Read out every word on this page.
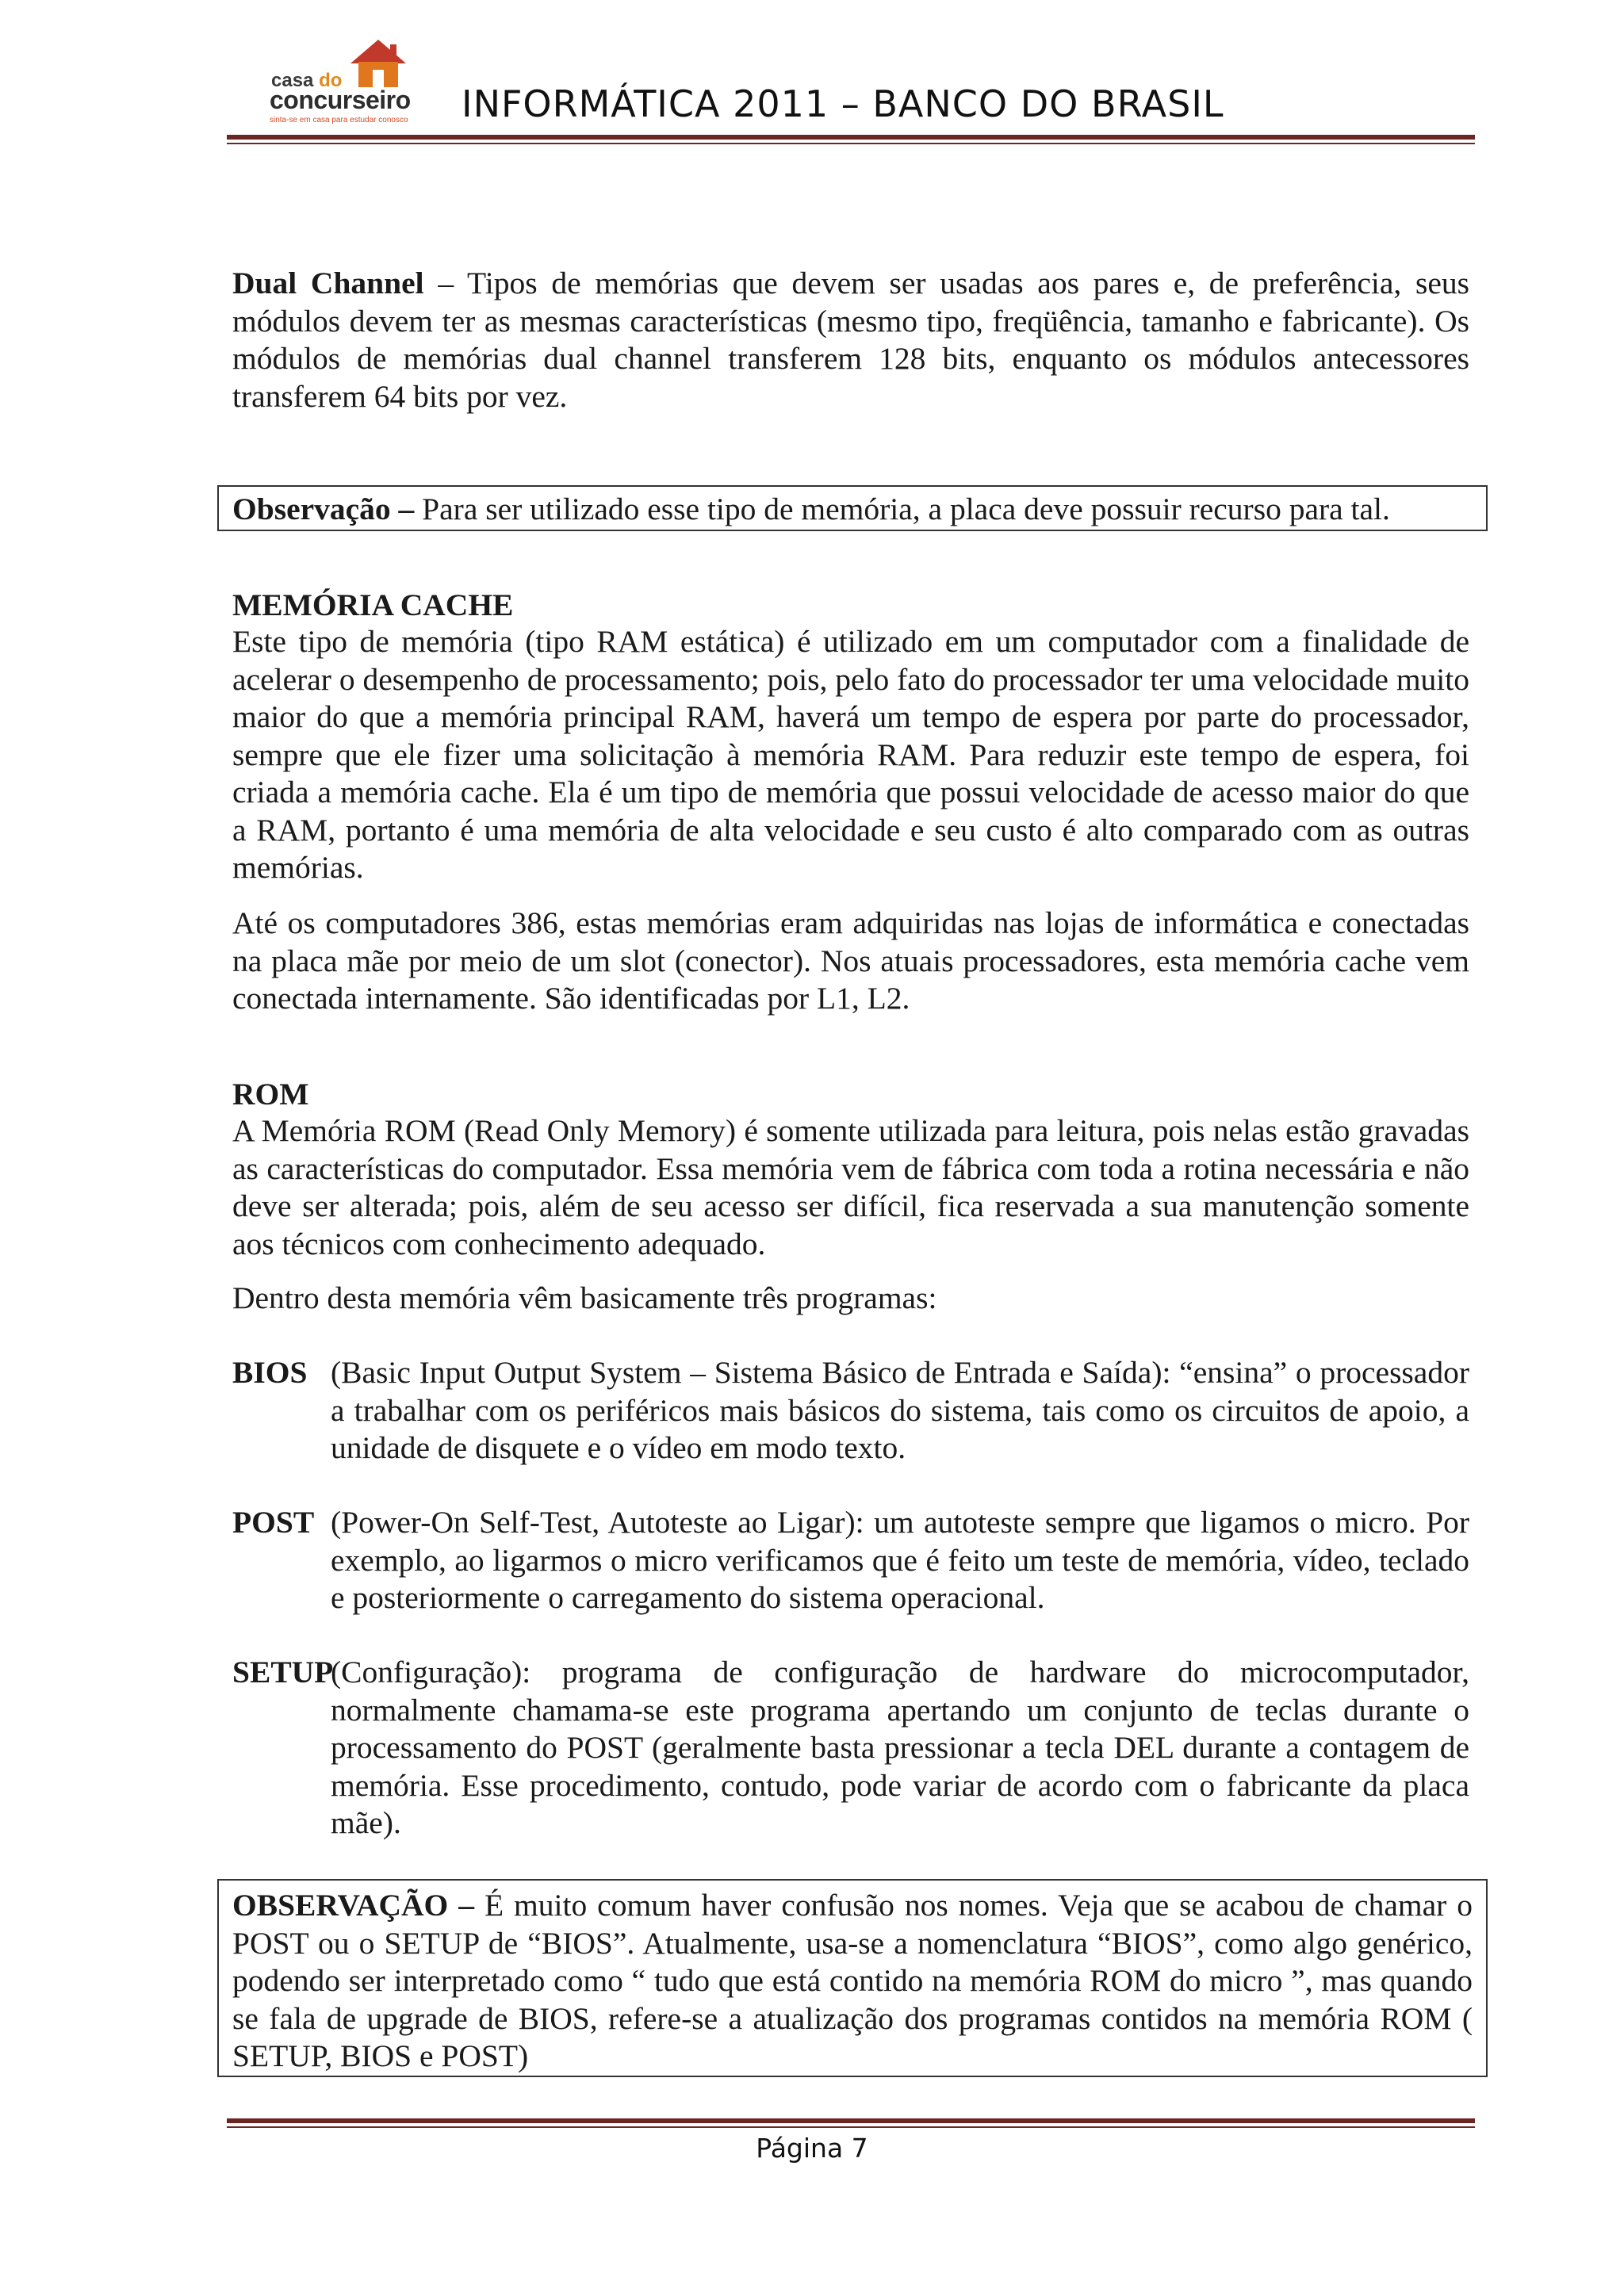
casa do
concurseiro
sinta-se em casa para estudar conosco INFORMÁTICA 2011 – BANCO DO BRASIL

Dual Channel – Tipos de memórias que devem ser usadas aos pares e, de preferência, seus módulos devem ter as mesmas características (mesmo tipo, freqüência, tamanho e fabricante). Os módulos de memórias dual channel transferem 128 bits, enquanto os módulos antecessores transferem 64 bits por vez.

Observação – Para ser utilizado esse tipo de memória, a placa deve possuir recurso para tal.

MEMÓRIA CACHE

Este tipo de memória (tipo RAM estática) é utilizado em um computador com a finalidade de acelerar o desempenho de processamento; pois, pelo fato do processador ter uma velocidade muito maior do que a memória principal RAM, haverá um tempo de espera por parte do processador, sempre que ele fizer uma solicitação à memória RAM. Para reduzir este tempo de espera, foi criada a memória cache. Ela é um tipo de memória que possui velocidade de acesso maior do que a RAM, portanto é uma memória de alta velocidade e seu custo é alto comparado com as outras memórias.

Até os computadores 386, estas memórias eram adquiridas nas lojas de informática e conectadas na placa mãe por meio de um slot (conector). Nos atuais processadores, esta memória cache vem conectada internamente. São identificadas por L1, L2.

ROM

A Memória ROM (Read Only Memory) é somente utilizada para leitura, pois nelas estão gravadas as características do computador. Essa memória vem de fábrica com toda a rotina necessária e não deve ser alterada; pois, além de seu acesso ser difícil, fica reservada a sua manutenção somente aos técnicos com conhecimento adequado.

Dentro desta memória vêm basicamente três programas:

BIOS (Basic Input Output System – Sistema Básico de Entrada e Saída): “ensina” o processador a trabalhar com os periféricos mais básicos do sistema, tais como os circuitos de apoio, a unidade de disquete e o vídeo em modo texto.

POST (Power-On Self-Test, Autoteste ao Ligar): um autoteste sempre que ligamos o micro. Por exemplo, ao ligarmos o micro verificamos que é feito um teste de memória, vídeo, teclado e posteriormente o carregamento do sistema operacional.

SETUP

(Configuração): programa de configuração de hardware do microcomputador, normalmente chamama-se este programa apertando um conjunto de teclas durante o processamento do POST (geralmente basta pressionar a tecla DEL durante a contagem de memória. Esse procedimento, contudo, pode variar de acordo com o fabricante da placa mãe).

OBSERVAÇÃO – É muito comum haver confusão nos nomes. Veja que se acabou de chamar o POST ou o SETUP de “BIOS”. Atualmente, usa-se a nomenclatura “BIOS”, como algo genérico, podendo ser interpretado como “ tudo que está contido na memória ROM do micro ”, mas quando se fala de upgrade de BIOS, refere-se a atualização dos programas contidos na memória ROM ( SETUP, BIOS e POST)

Página 7
